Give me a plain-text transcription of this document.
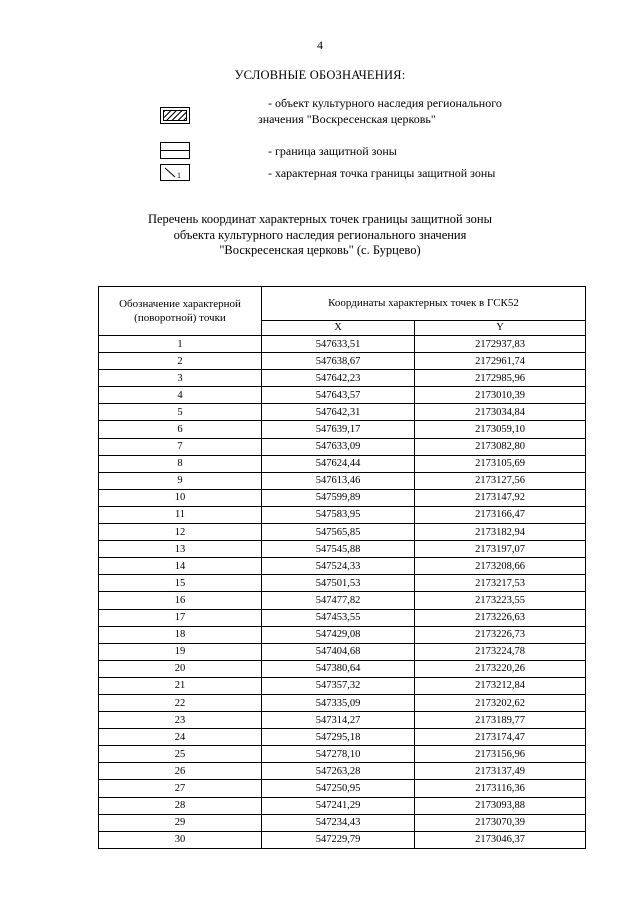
4
УСЛОВНЫЕ ОБОЗНАЧЕНИЯ:
- объект культурного наследия регионального
значения "Воскресенская церковь"
- граница защитной зоны
1	- характерная точка границы защитной зоны
Перечень координат характерных точек границы защитной зоны
объекта культурного наследия регионального значения
"Воскресенская церковь" (с. Бурцево)
Обозначение характерной (поворотной) точки	Координаты характерных точек в ГСК52	
	X	Y
1	547633,51	2172937,83
2	547638,67	2172961,74
3	547642,23	2172985,96
4	547643,57	2173010,39
5	547642,31	2173034,84
6	547639,17	2173059,10
7	547633,09	2173082,80
8	547624,44	2173105,69
9	547613,46	2173127,56
10	547599,89	2173147,92
11	547583,95	2173166,47
12	547565,85	2173182,94
13	547545,88	2173197,07
14	547524,33	2173208,66
15	547501,53	2173217,53
16	547477,82	2173223,55
17	547453,55	2173226,63
18	547429,08	2173226,73
19	547404,68	2173224,78
20	547380,64	2173220,26
21	547357,32	2173212,84
22	547335,09	2173202,62
23	547314,27	2173189,77
24	547295,18	2173174,47
25	547278,10	2173156,96
26	547263,28	2173137,49
27	547250,95	2173116,36
28	547241,29	2173093,88
29	547234,43	2173070,39
30	547229,79	2173046,37
